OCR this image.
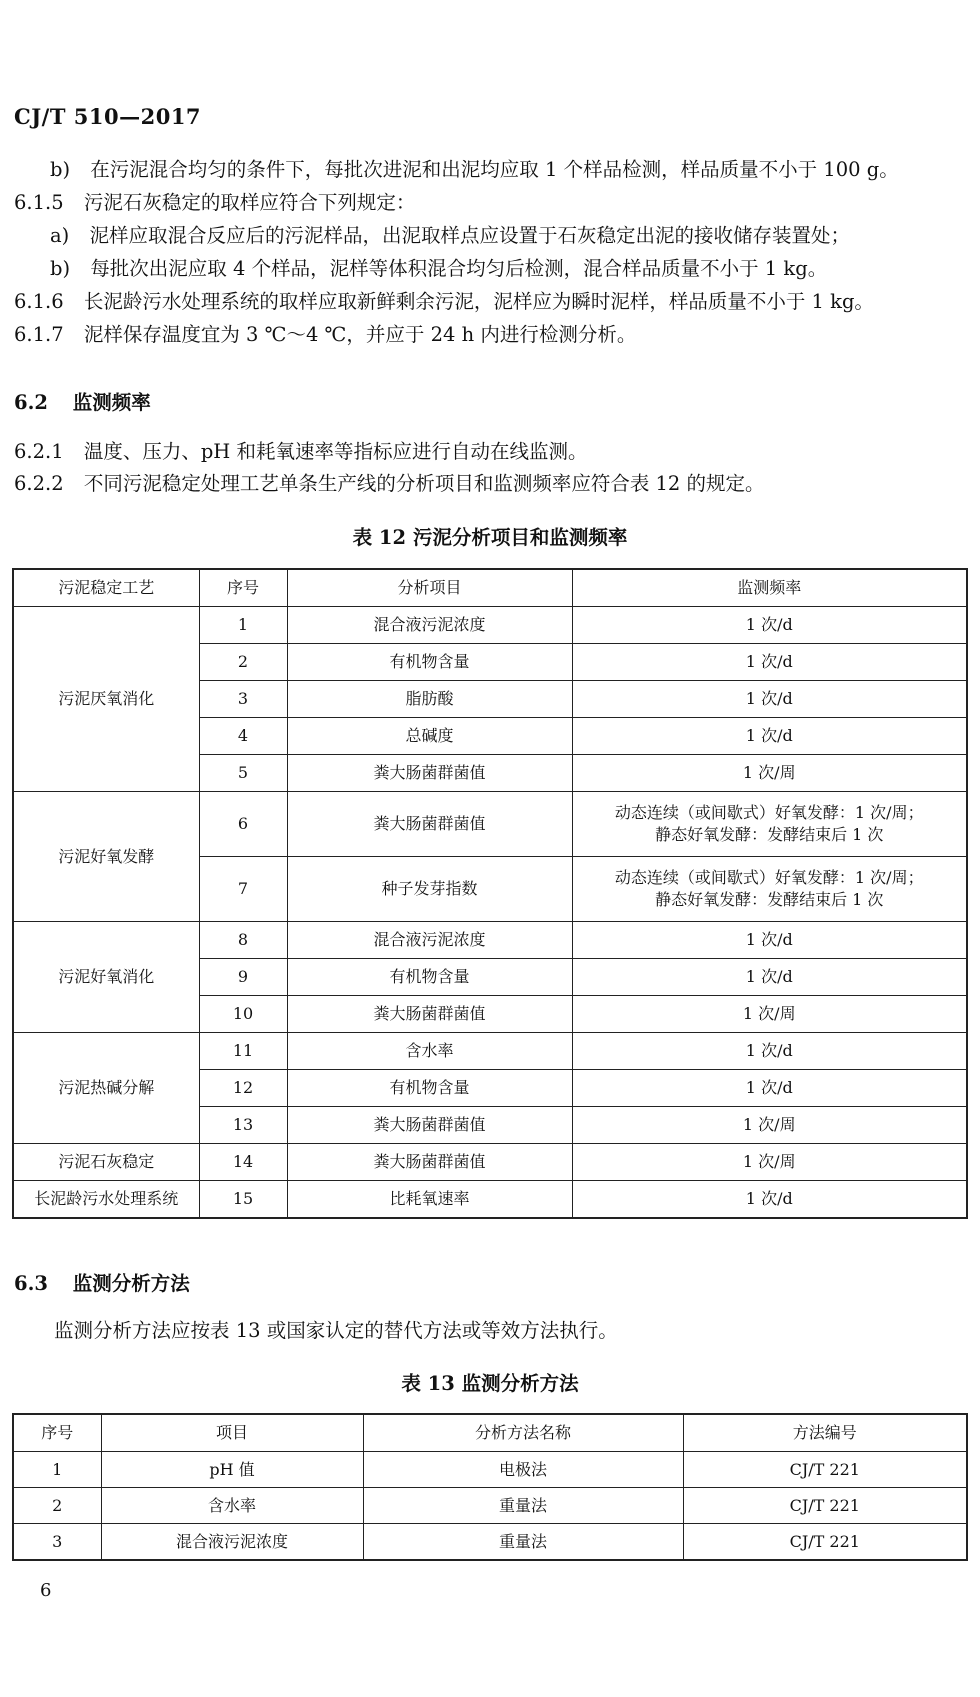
CJ/T 510—2017
b) 在污泥混合均匀的条件下，每批次进泥和出泥均应取 1 个样品检测，样品质量不小于 100 g。
6.1.5 污泥石灰稳定的取样应符合下列规定：
a) 泥样应取混合反应后的污泥样品，出泥取样点应设置于石灰稳定出泥的接收储存装置处；
b) 每批次出泥应取 4 个样品，泥样等体积混合均匀后检测，混合样品质量不小于 1 kg。
6.1.6 长泥龄污水处理系统的取样应取新鲜剩余污泥，泥样应为瞬时泥样，样品质量不小于 1 kg。
6.1.7 泥样保存温度宜为 3 ℃～4 ℃，并应于 24 h 内进行检测分析。
6.2 监测频率
6.2.1 温度、压力、pH 和耗氧速率等指标应进行自动在线监测。
6.2.2 不同污泥稳定处理工艺单条生产线的分析项目和监测频率应符合表 12 的规定。
表 12 污泥分析项目和监测频率
污泥稳定工艺	序号	分析项目	监测频率
污泥厌氧消化	1	混合液污泥浓度	1 次/d
	2	有机物含量	1 次/d
	3	脂肪酸	1 次/d
	4	总碱度	1 次/d
	5	粪大肠菌群菌值	1 次/周
污泥好氧发酵	6	粪大肠菌群菌值	动态连续（或间歇式）好氧发酵：1 次/周；
静态好氧发酵：发酵结束后 1 次

	7	种子发芽指数	动态连续（或间歇式）好氧发酵：1 次/周；
静态好氧发酵：发酵结束后 1 次

污泥好氧消化	8	混合液污泥浓度	1 次/d
	9	有机物含量	1 次/d
	10	粪大肠菌群菌值	1 次/周
污泥热碱分解	11	含水率	1 次/d
	12	有机物含量	1 次/d
	13	粪大肠菌群菌值	1 次/周
污泥石灰稳定	14	粪大肠菌群菌值	1 次/周
长泥龄污水处理系统	15	比耗氧速率	1 次/d
6.3 监测分析方法
监测分析方法应按表 13 或国家认定的替代方法或等效方法执行。
表 13 监测分析方法
序号	项目	分析方法名称	方法编号
1	pH 值	电极法	CJ/T 221
2	含水率	重量法	CJ/T 221
3	混合液污泥浓度	重量法	CJ/T 221
6
